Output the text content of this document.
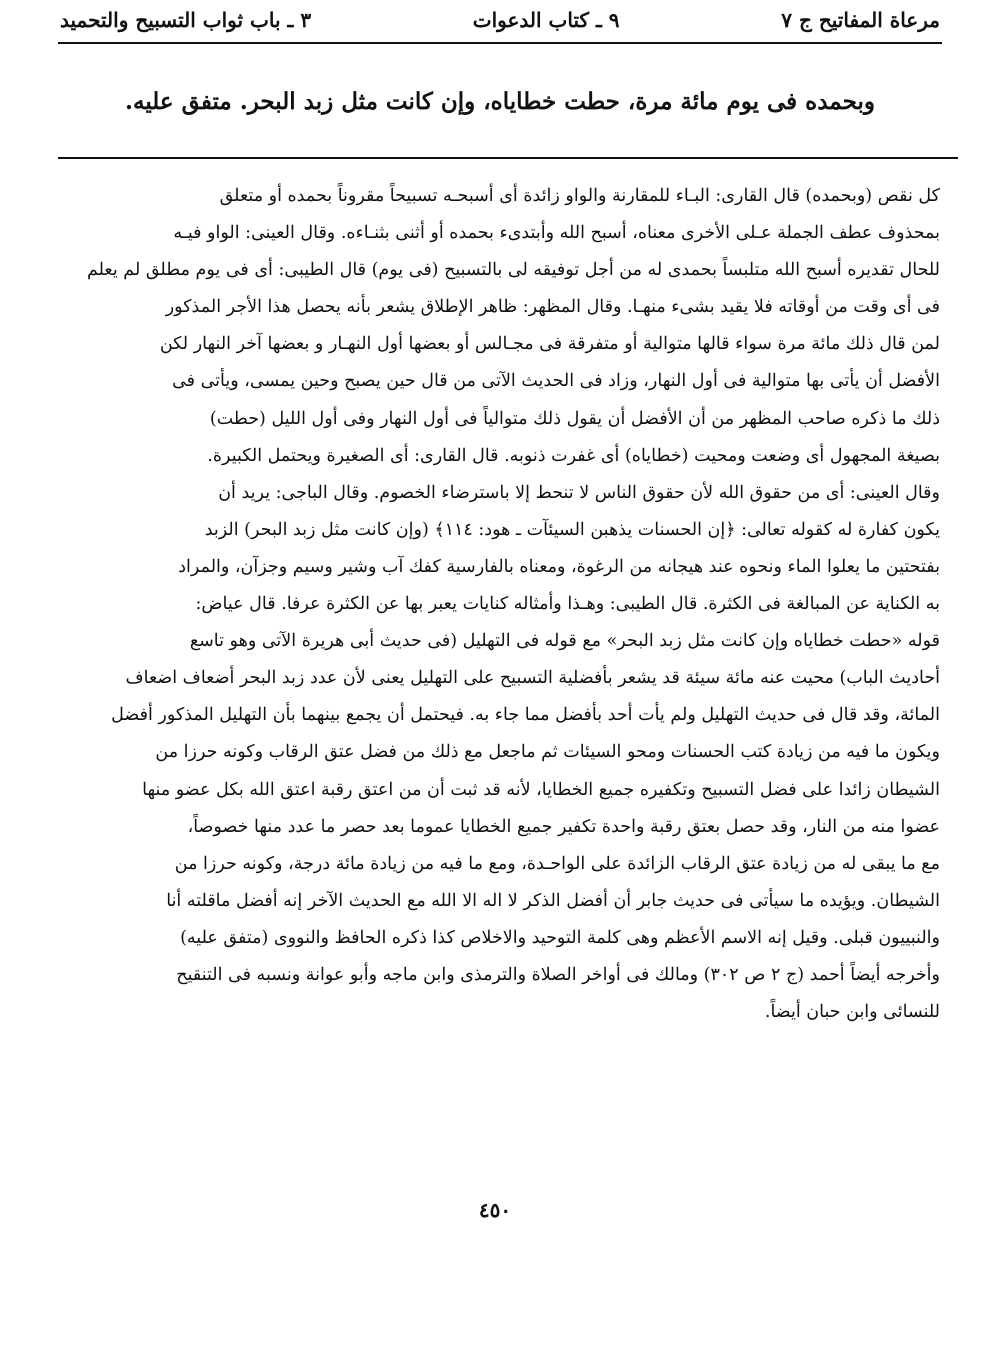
مرعاة المفاتيح ج ٧
٩ ـ كتاب الدعوات
٣ ـ باب ثواب التسبيح والتحميد
وبحمده فى يوم مائة مرة، حطت خطاياه، وإن كانت مثل زبد البحر. متفق عليه.
كل نقص (وبحمده) قال القارى: البـاء للمقارنة والواو زائدة أى أسبحـه تسبيحاً مقروناً بحمده أو متعلق
بمحذوف عطف الجملة عـلى الأخرى معناه، أسبح الله وأبتدىء بحمده أو أثنى بثنـاءه. وقال العينى: الواو فيـه
للحال تقديره أسبح الله متلبساً بحمدى له من أجل توفيقه لى بالتسبيح (فى يوم) قال الطيبى: أى فى يوم مطلق لم يعلم
فى أى وقت من أوقاته فلا يقيد بشىء منهـا. وقال المظهر: ظاهر الإطلاق يشعر بأنه يحصل هذا الأجر المذكور
لمن قال ذلك مائة مرة سواء قالها متوالية أو متفرقة فى مجـالس أو بعضها أول النهـار و بعضها آخر النهار لكن
الأفضل أن يأتى بها متوالية فى أول النهار، وزاد فى الحديث الآتى من قال حين يصبح وحين يمسى، ويأتى فى
ذلك ما ذكره صاحب المظهر من أن الأفضل أن يقول ذلك متوالياً فى أول النهار وفى أول الليل (حطت)
بصيغة المجهول أى وضعت ومحيت (خطاياه) أى غفرت ذنوبه. قال القارى: أى الصغيرة ويحتمل الكبيرة.
وقال العينى: أى من حقوق الله لأن حقوق الناس لا تنحط إلا باسترضاء الخصوم. وقال الباجى: يريد أن
يكون كفارة له كقوله تعالى: ﴿إن الحسنات يذهبن السيئآت ـ هود: ١١٤﴾ (وإن كانت مثل زبد البحر) الزبد
بفتحتين ما يعلوا الماء ونحوه عند هيجانه من الرغوة، ومعناه بالفارسية كفك آب وشير وسيم وجزآن، والمراد
به الكناية عن المبالغة فى الكثرة. قال الطيبى: وهـذا وأمثاله كنايات يعبر بها عن الكثرة عرفا. قال عياض:
قوله «حطت خطاياه وإن كانت مثل زبد البحر» مع قوله فى التهليل (فى حديث أبى هريرة الآتى وهو تاسع
أحاديث الباب) محيت عنه مائة سيئة قد يشعر بأفضلية التسبيح على التهليل يعنى لأن عدد زبد البحر أضعاف اضعاف
المائة، وقد قال فى حديث التهليل ولم يأت أحد بأفضل مما جاء به. فيحتمل أن يجمع بينهما بأن التهليل المذكور أفضل
ويكون ما فيه من زيادة كتب الحسنات ومحو السيئات ثم ماجعل مع ذلك من فضل عتق الرقاب وكونه حرزا من
الشيطان زائدا على فضل التسبيح وتكفيره جميع الخطايا، لأنه قد ثبت أن من اعتق رقبة اعتق الله بكل عضو منها
عضوا منه من النار، وقد حصل بعتق رقبة واحدة تكفير جميع الخطايا عموما بعد حصر ما عدد منها خصوصاً،
مع ما يبقى له من زيادة عتق الرقاب الزائدة على الواحـدة، ومع ما فيه من زيادة مائة درجة، وكونه حرزا من
الشيطان. ويؤيده ما سيأتى فى حديث جابر أن أفضل الذكر لا اله الا الله مع الحديث الآخر إنه أفضل ماقلته أنا
والنبييون قبلى. وقيل إنه الاسم الأعظم وهى كلمة التوحيد والاخلاص كذا ذكره الحافظ والنووى (متفق عليه)
وأخرجه أيضاً أحمد (ج ٢ ص ٣٠٢) ومالك فى أواخر الصلاة والترمذى وابن ماجه وأبو عوانة ونسبه فى التنقيح
للنسائى وابن حبان أيضاً.
٤٥٠
